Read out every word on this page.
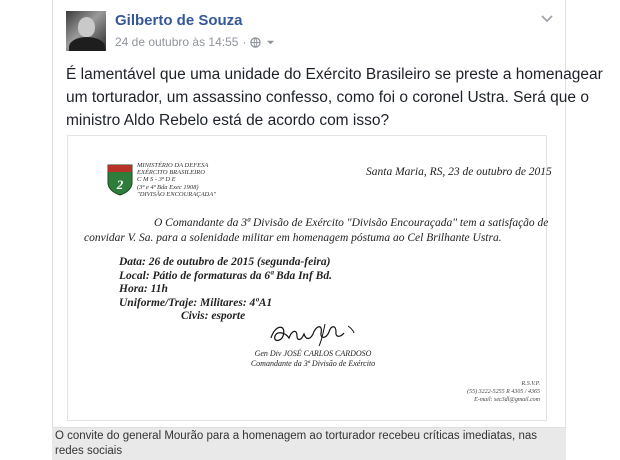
Gilberto de Souza
24 de outubro às 14:55 ·
É lamentável que uma unidade do Exército Brasileiro se preste a homenagear
um torturador, um assassino confesso, como foi o coronel Ustra. Será que o
ministro Aldo Rebelo está de acordo com isso?
2
MINISTÉRIO DA DEFESA
EXÉRCITO BRASILEIRO
C M S - 3ª D E
(3ª e 4ª Bda Exec 1908)
"DIVISÃO ENCOURAÇADA"
Santa Maria, RS, 23 de outubro de 2015
O Comandante da 3ª Divisão de Exército "Divisão Encouraçada" tem a satisfação de
convidar V. Sa. para a solenidade militar em homenagem póstuma ao Cel Brilhante Ustra.
Data: 26 de outubro de 2015 (segunda-feira)
Local: Pátio de formaturas da 6ª Bda Inf Bd.
Hora: 11h
Uniforme/Traje: Militares: 4ºA1
Civis: esporte
Gen Div JOSÉ CARLOS CARDOSO
Comandante da 3ª Divisão de Exército
R.S.V.P.
(55) 3222-5255 R 4305 / 4365
E-mail: sec3dl@gmail.com
O convite do general Mourão para a homenagem ao torturador recebeu críticas imediatas, nas redes sociais
